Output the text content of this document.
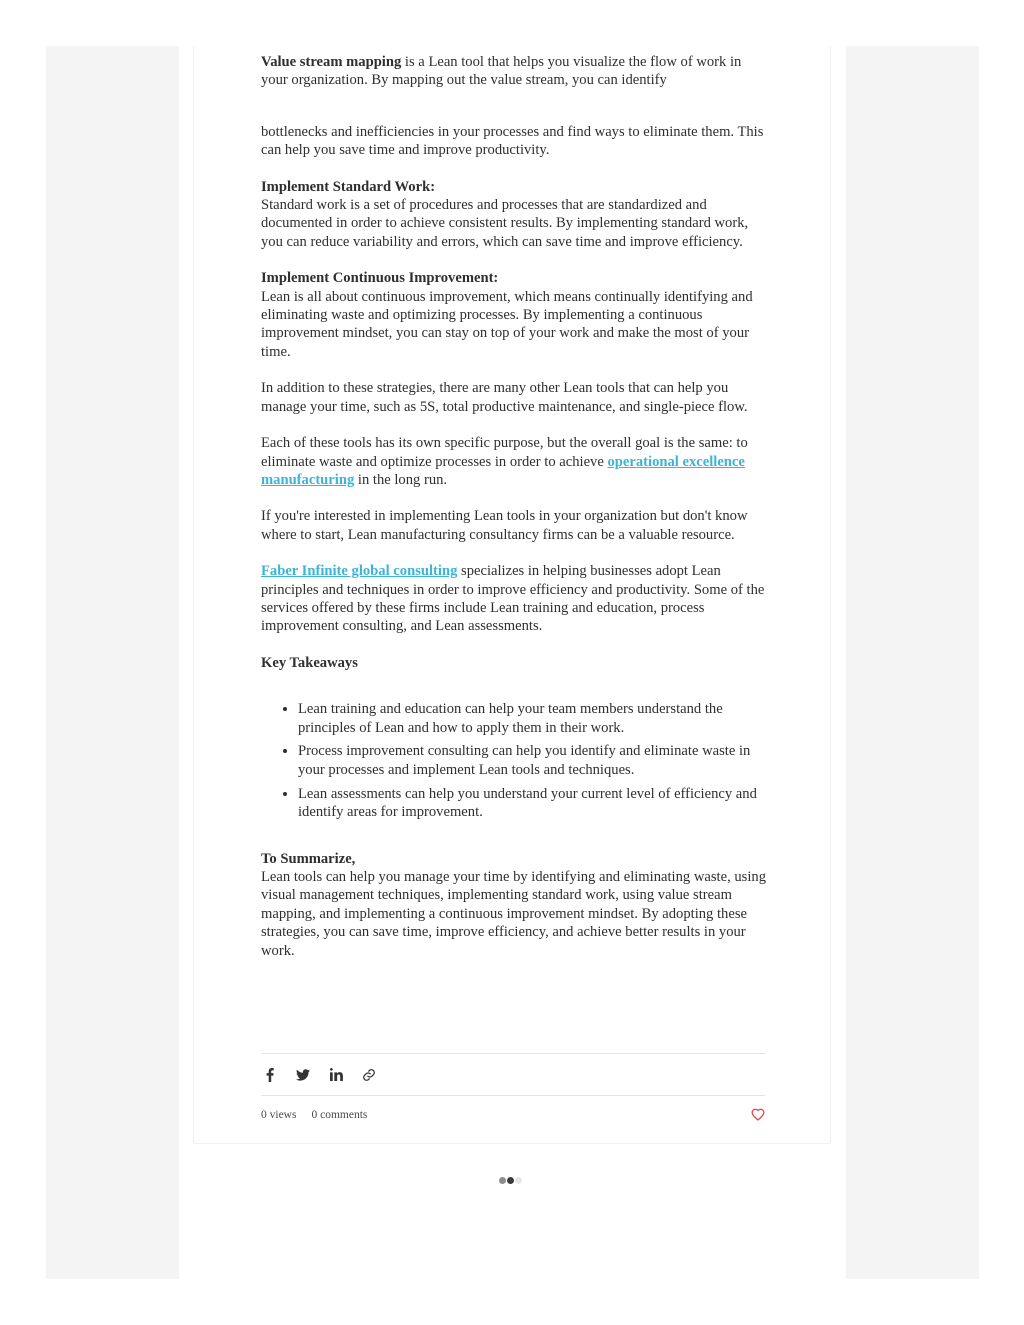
Value stream mapping is a Lean tool that helps you visualize the flow of work in your organization. By mapping out the value stream, you can identify

bottlenecks and inefficiencies in your processes and find ways to eliminate them. This can help you save time and improve productivity.

Implement Standard Work:

Standard work is a set of procedures and processes that are standardized and documented in order to achieve consistent results. By implementing standard work, you can reduce variability and errors, which can save time and improve efficiency.

Implement Continuous Improvement:

Lean is all about continuous improvement, which means continually identifying and eliminating waste and optimizing processes. By implementing a continuous improvement mindset, you can stay on top of your work and make the most of your time.

In addition to these strategies, there are many other Lean tools that can help you manage your time, such as 5S, total productive maintenance, and single-piece flow.

Each of these tools has its own specific purpose, but the overall goal is the same: to eliminate waste and optimize processes in order to achieve operational excellence manufacturing in the long run.

If you're interested in implementing Lean tools in your organization but don't know where to start, Lean manufacturing consultancy firms can be a valuable resource.

Faber Infinite global consulting specializes in helping businesses adopt Lean principles and techniques in order to improve efficiency and productivity. Some of the services offered by these firms include Lean training and education, process improvement consulting, and Lean assessments.

Key Takeaways

• Lean training and education can help your team members understand the principles of Lean and how to apply them in their work.
• Process improvement consulting can help you identify and eliminate waste in your processes and implement Lean tools and techniques.
• Lean assessments can help you understand your current level of efficiency and identify areas for improvement.

To Summarize,

Lean tools can help you manage your time by identifying and eliminating waste, using visual management techniques, implementing standard work, using value stream mapping, and implementing a continuous improvement mindset. By adopting these strategies, you can save time, improve efficiency, and achieve better results in your work.

0 views 0 comments
